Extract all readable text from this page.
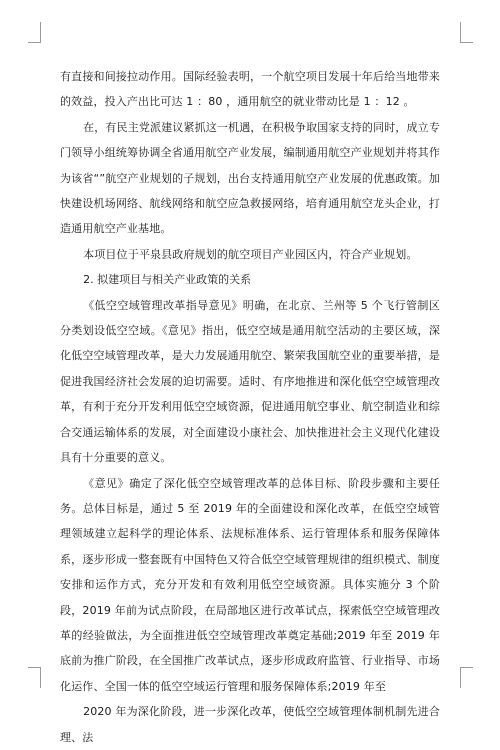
有直接和间接拉动作用。国际经验表明，一个航空项目发展十年后给当地带来的效益，投入产出比可达 1 ：80 ，通用航空的就业带动比是 1 ：12 。

在，有民主党派建议紧抓这一机遇，在积极争取国家支持的同时，成立专门领导小组统筹协调全省通用航空产业发展，编制通用航空产业规划并将其作为该省“”航空产业规划的子规划，出台支持通用航空产业发展的优惠政策。加快建设机场网络、航线网络和航空应急救援网络，培育通用航空龙头企业，打造通用航空产业基地。

本项目位于平泉县政府规划的航空项目产业园区内，符合产业规划。

2. 拟建项目与相关产业政策的关系

《低空空域管理改革指导意见》明确，在北京、兰州等 5 个飞行管制区分类划设低空空域。《意见》指出，低空空域是通用航空活动的主要区域，深化低空空域管理改革，是大力发展通用航空、繁荣我国航空业的重要举措，是促进我国经济社会发展的迫切需要。适时、有序地推进和深化低空空域管理改革，有利于充分开发利用低空空域资源，促进通用航空事业、航空制造业和综合交通运输体系的发展，对全面建设小康社会、加快推进社会主义现代化建设具有十分重要的意义。

《意见》确定了深化低空空域管理改革的总体目标、阶段步骤和主要任务。总体目标是，通过 5 至 2019 年的全面建设和深化改革，在低空空域管理领域建立起科学的理论体系、法规标准体系、运行管理体系和服务保障体系，逐步形成一整套既有中国特色又符合低空空域管理规律的组织模式、制度安排和运作方式，充分开发和有效利用低空空域资源。具体实施分 3 个阶段，2019 年前为试点阶段，在局部地区进行改革试点，探索低空空域管理改革的经验做法，为全面推进低空空域管理改革奠定基础;2019 年至 2019 年底前为推广阶段，在全国推广改革试点，逐步形成政府监管、行业指导、市场化运作、全国一体的低空空域运行管理和服务保障体系;2019 年至

2020 年为深化阶段，进一步深化改革，使低空空域管理体制机制先进合理、法
